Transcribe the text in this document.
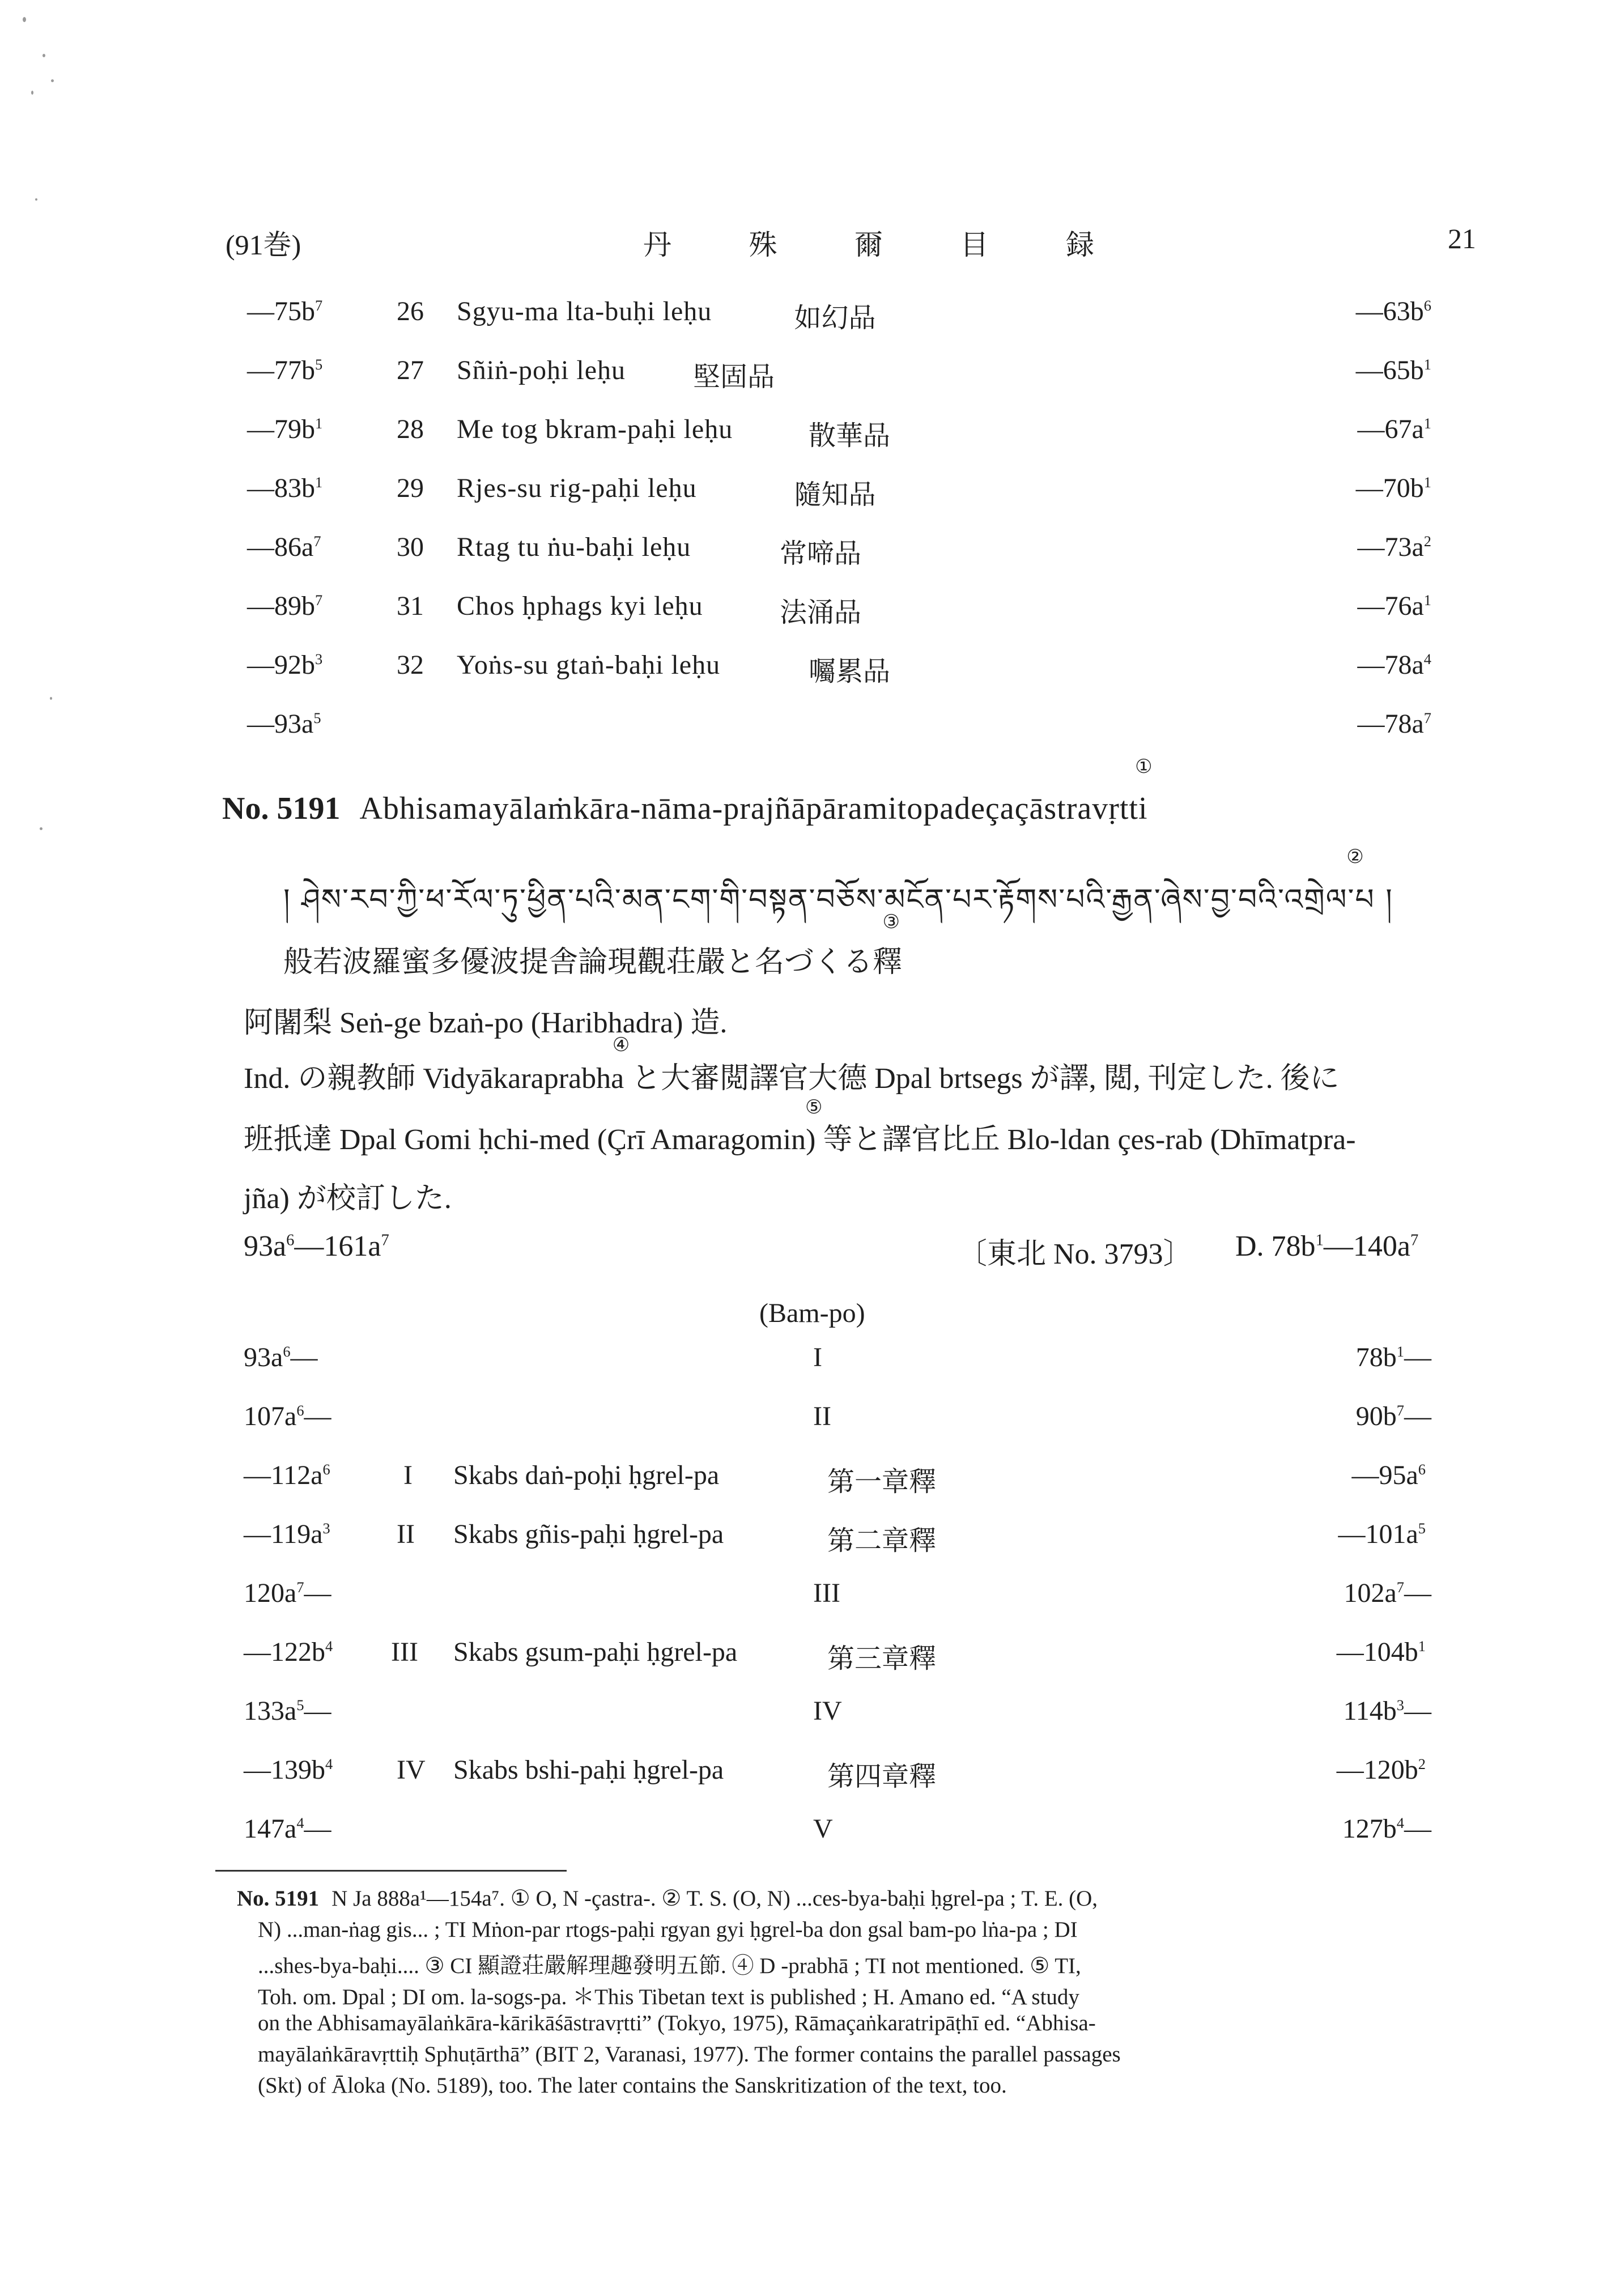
(91巻)	丹 殊 爾 目 録	21
$—75b^7$	26 Sgyu-ma lta-buḥi leḥu	如幻品	$—63b^6$
$—77b^5$	27 Sñiṅ-poḥi leḥu 堅固品	$—65b^1$
$—79b^1$	28 Me tog bkram-paḥi leḥu	散華品	$—67a^1$
$—83b^1$	29 Rjes-su rig-paḥi leḥu	隨知品	$—70b^1$
$—86a^7$	30 Rtag tu ṅu-baḥi leḥu	常啼品	$—73a^2$
$—89b^7$	31 Chos ḥphags kyi leḥu	法涌品	$—76a^1$
$—92b^3$	32 Yoṅs-su gtaṅ-baḥi leḥu	囑累品	$—78a^4$
$—93a^5$	$—78a^7$
No. 5191 Abhisamayālaṁkāra-nāma-prajñāpāramitopadeçaçāstravṛtti
①
། ཤེས་རབ་ཀྱི་ཕ་རོལ་ཏུ་ཕྱིན་པའི་མན་ངག་གི་བསྟན་བཅོས་མངོན་པར་རྟོགས་པའི་རྒྱན་ཞེས་བྱ་བའི་འགྲེལ་པ །
②
般若波羅蜜多優波提舎論現觀荘嚴と名づくる釋
③
阿闍梨 Seṅ-ge bzaṅ-po (Haribhadra) 造.
Ind. の親教師 Vidyākaraprabha
④
と大審閲譯官大德 Dpal brtsegs が譯, 閲, 刊定した. 後に
班扺達 Dpal Gomi ḥchi-med (Çrī Amaragomin)
⑤
等と譯官比丘 Blo-ldan çes-rab (Dhīmatpra-
jña) が校訂した.
$93a^6—161a^7$	〔東北 No. 3793〕 D. $78b^1—140a^7$
(Bam-po)
$93a^6—$	I	$78b^1—$
$107a^6—$	II	$90b^7—$
$—112a^6$	I Skabs daṅ-poḥi ḥgrel-pa	第一章釋	$—95a^6$
$—119a^3$ II Skabs gñis-paḥi ḥgrel-pa	第二章釋	$—101a^5$
$120a^7—$	III	$102a^7—$
$—122b^4$ III Skabs gsum-paḥi ḥgrel-pa	第三章釋	$—104b^1$
$133a^5—$	IV	$114b^3—$
$—139b^4$ IV Skabs bshi-paḥi ḥgrel-pa	第四章釋	$—120b^2$
$147a^4—$	V	$127b^4—$
No. 5191 N Ja 888a¹—154a⁷. ① O, N -çastra-. ② T. S. (O, N) ...ces-bya-baḥi ḥgrel-pa ; T. E. (O,
N) ...man-ṅag gis... ; TI Mṅon-par rtogs-paḥi rgyan gyi ḥgrel-ba don gsal bam-po lṅa-pa ; DI
...shes-bya-baḥi.... ③ CI 顯證荘嚴解理趣發明五節. ④ D -prabhā ; TI not mentioned. ⑤ TI,
Toh. om. Dpal ; DI om. la-sogs-pa. ＊This Tibetan text is published ; H. Amano ed. “A study
on the Abhisamayālaṅkāra-kārikāśāstravṛtti” (Tokyo, 1975), Rāmaçaṅkaratripāṭhī ed. “Abhisa-
mayālaṅkāravṛttiḥ Sphuṭārthā” (BIT 2, Varanasi, 1977). The former contains the parallel passages
(Skt) of Āloka (No. 5189), too. The later contains the Sanskritization of the text, too.
